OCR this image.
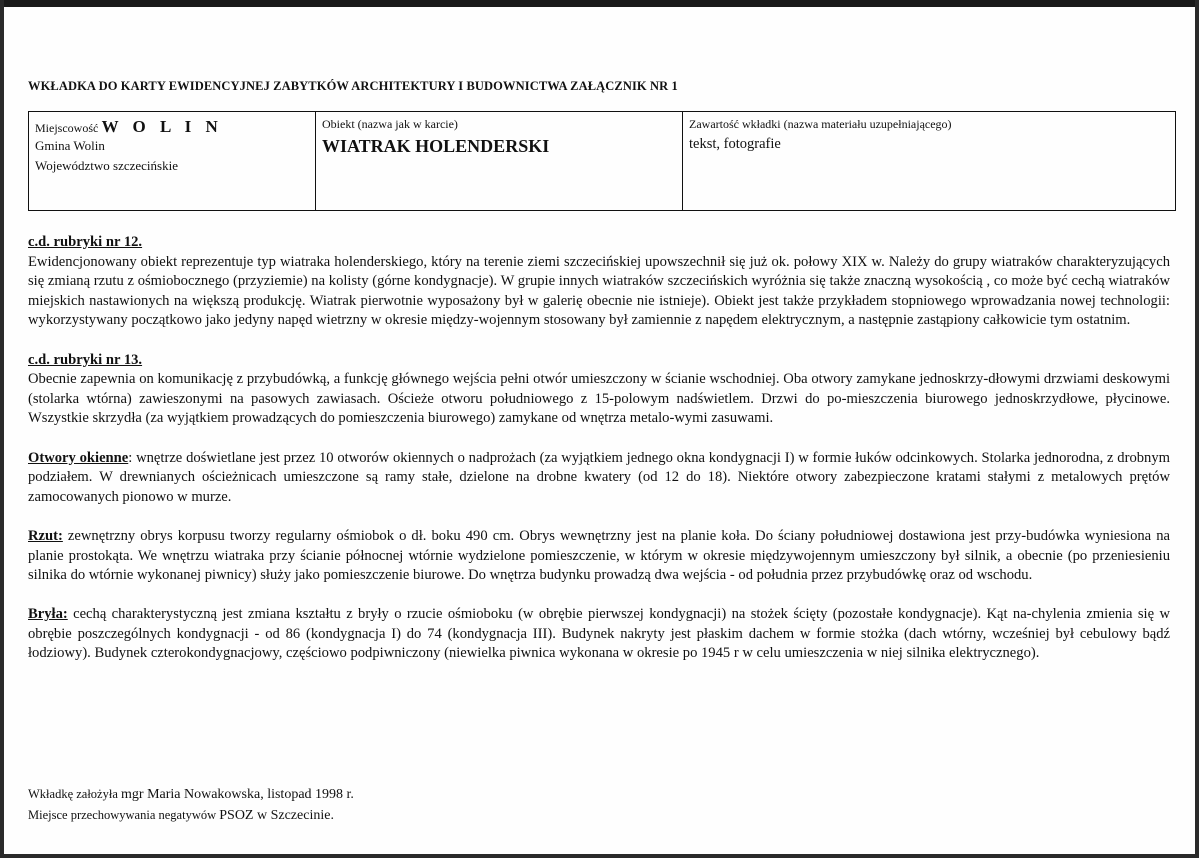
WKŁADKA DO KARTY EWIDENCYJNEJ ZABYTKÓW ARCHITEKTURY I BUDOWNICTWA ZAŁĄCZNIK NR 1
Miejscowość W O L I N
Gmina Wolin
Województwo szczecińskie
Obiekt (nazwa jak w karcie)
WIATRAK HOLENDERSKI
Zawartość wkładki (nazwa materiału uzupełniającego)
tekst, fotografie
c.d. rubryki nr 12.

Ewidencjonowany obiekt reprezentuje typ wiatraka holenderskiego, który na terenie ziemi szczecińskiej upowszechnił się już ok. połowy XIX w. Należy do grupy wiatraków charakteryzujących się zmianą rzutu z ośmiobocznego (przyziemie) na kolisty (górne kondygnacje). W grupie innych wiatraków szczecińskich wyróżnia się także znaczną wysokością , co może być cechą wiatraków miejskich nastawionych na większą produkcję. Wiatrak pierwotnie wyposażony był w galerię obecnie nie istnieje). Obiekt jest także przykładem stopniowego wprowadzania nowej technologii: wykorzystywany początkowo jako jedyny napęd wietrzny w okresie między-wojennym stosowany był zamiennie z napędem elektrycznym, a następnie zastąpiony całkowicie tym ostatnim.

c.d. rubryki nr 13.

Obecnie zapewnia on komunikację z przybudówką, a funkcję głównego wejścia pełni otwór umieszczony w ścianie wschodniej. Oba otwory zamykane jednoskrzy-dłowymi drzwiami deskowymi (stolarka wtórna) zawieszonymi na pasowych zawiasach. Ościeże otworu południowego z 15-polowym nadświetlem. Drzwi do po-mieszczenia biurowego jednoskrzydłowe, płycinowe. Wszystkie skrzydła (za wyjątkiem prowadzących do pomieszczenia biurowego) zamykane od wnętrza metalo-wymi zasuwami.

Otwory okienne: wnętrze doświetlane jest przez 10 otworów okiennych o nadprożach (za wyjątkiem jednego okna kondygnacji I) w formie łuków odcinkowych. Stolarka jednorodna, z drobnym podziałem. W drewnianych ościeżnicach umieszczone są ramy stałe, dzielone na drobne kwatery (od 12 do 18). Niektóre otwory zabezpieczone kratami stałymi z metalowych prętów zamocowanych pionowo w murze.

Rzut: zewnętrzny obrys korpusu tworzy regularny ośmiobok o dł. boku 490 cm. Obrys wewnętrzny jest na planie koła. Do ściany południowej dostawiona jest przy-budówka wyniesiona na planie prostokąta. We wnętrzu wiatraka przy ścianie północnej wtórnie wydzielone pomieszczenie, w którym w okresie międzywojennym umieszczony był silnik, a obecnie (po przeniesieniu silnika do wtórnie wykonanej piwnicy) służy jako pomieszczenie biurowe. Do wnętrza budynku prowadzą dwa wejścia - od południa przez przybudówkę oraz od wschodu.

Bryła: cechą charakterystyczną jest zmiana kształtu z bryły o rzucie ośmioboku (w obrębie pierwszej kondygnacji) na stożek ścięty (pozostałe kondygnacje). Kąt na-chylenia zmienia się w obrębie poszczególnych kondygnacji - od 86 (kondygnacja I) do 74 (kondygnacja III). Budynek nakryty jest płaskim dachem w formie stożka (dach wtórny, wcześniej był cebulowy bądź łodziowy). Budynek czterokondygnacjowy, częściowo podpiwniczony (niewielka piwnica wykonana w okresie po 1945 r w celu umieszczenia w niej silnika elektrycznego).

Wkładkę założyła mgr Maria Nowakowska, listopad 1998 r.
Miejsce przechowywania negatywów PSOZ w Szczecinie.
